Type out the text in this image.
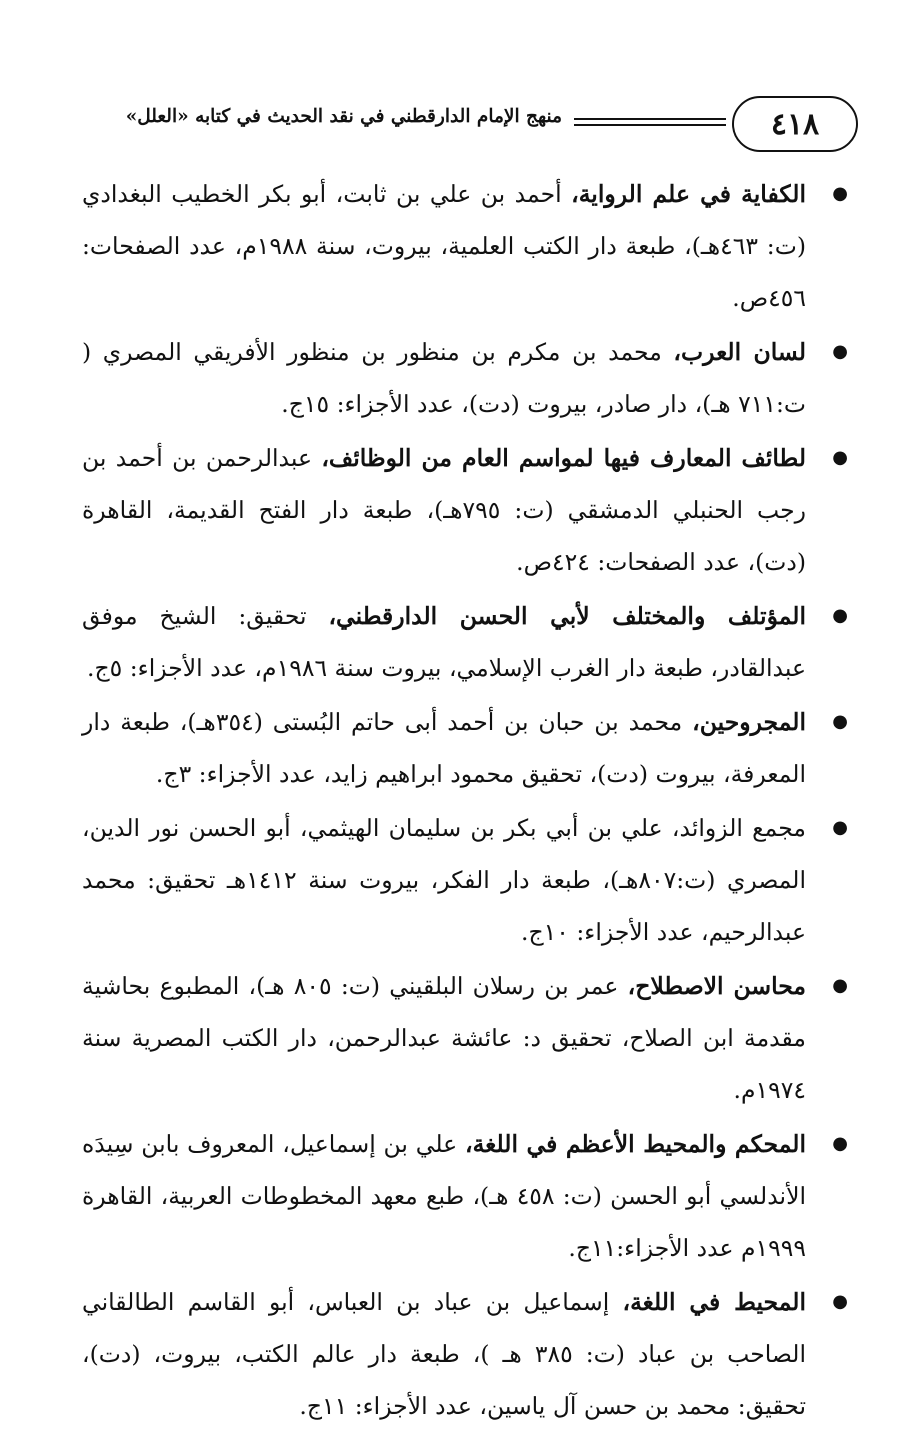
٤١٨
منهج الإمام الدارقطني في نقد الحديث في كتابه «العلل»
●
الكفاية في علم الرواية، أحمد بن علي بن ثابت، أبو بكر الخطيب البغدادي (ت: ٤٦٣هـ)، طبعة دار الكتب العلمية، بيروت، سنة ١٩٨٨م، عدد الصفحات: ٤٥٦ص.
●
لسان العرب، محمد بن مكرم بن منظور بن منظور الأفريقي المصري ( ت:٧١١ هـ)، دار صادر، بيروت (دت)، عدد الأجزاء: ١٥ج.
●
لطائف المعارف فيها لمواسم العام من الوظائف، عبدالرحمن بن أحمد بن رجب الحنبلي الدمشقي (ت: ٧٩٥هـ)، طبعة دار الفتح القديمة، القاهرة (دت)، عدد الصفحات: ٤٢٤ص.
●
المؤتلف والمختلف لأبي الحسن الدارقطني، تحقيق: الشيخ موفق عبدالقادر، طبعة دار الغرب الإسلامي، بيروت سنة ١٩٨٦م، عدد الأجزاء: ٥ج.
●
المجروحين، محمد بن حبان بن أحمد أبى حاتم البُستى (٣٥٤هـ)، طبعة دار المعرفة، بيروت (دت)، تحقيق محمود ابراهيم زايد، عدد الأجزاء: ٣ج.
●
مجمع الزوائد، علي بن أبي بكر بن سليمان الهيثمي، أبو الحسن نور الدين، المصري (ت:٨٠٧هـ)، طبعة دار الفكر، بيروت سنة ١٤١٢هـ تحقيق: محمد عبدالرحيم، عدد الأجزاء: ١٠ج.
●
محاسن الاصطلاح، عمر بن رسلان البلقيني (ت: ٨٠٥ هـ)، المطبوع بحاشية مقدمة ابن الصلاح، تحقيق د: عائشة عبدالرحمن، دار الكتب المصرية سنة ١٩٧٤م.
●
المحكم والمحيط الأعظم في اللغة، علي بن إسماعيل، المعروف بابن سِيدَه الأندلسي أبو الحسن (ت: ٤٥٨ هـ)، طبع معهد المخطوطات العربية، القاهرة ١٩٩٩م عدد الأجزاء:١١ج.
●
المحيط في اللغة، إسماعيل بن عباد بن العباس، أبو القاسم الطالقاني الصاحب بن عباد (ت: ٣٨٥ هـ )، طبعة دار عالم الكتب، بيروت، (دت)، تحقيق: محمد بن حسن آل ياسين، عدد الأجزاء: ١١ج.
